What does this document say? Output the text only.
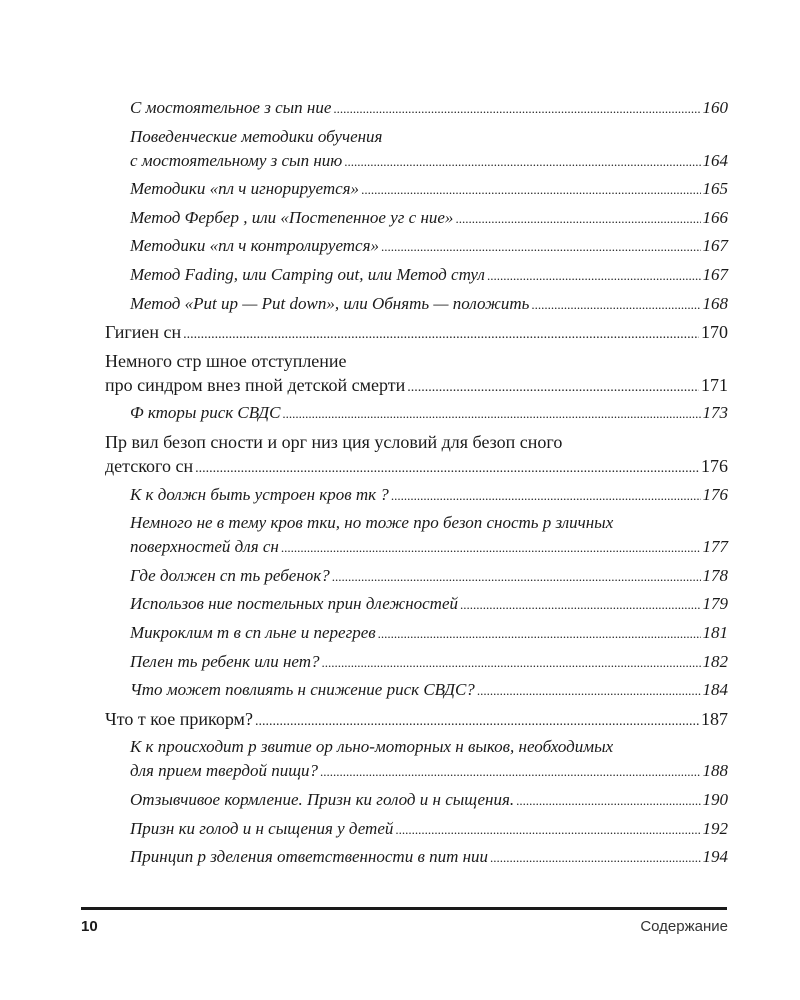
С мостоятельное з сып ние .....	160
Поведенческие методики обучения
с мостоятельному з сып нию .....	164
Методики «пл ч игнорируется» .....	165
Метод Фербер , или «Постепенное уг с ние» .....	166
Методики «пл ч контролируется» .....	167
Метод Fading, или Camping out, или Метод стул .....	167
Метод «Put up — Put down», или Обнять — положить .....	168
Гигиен сн .....	170
Немного стр шное отступление
про синдром внез пной детской смерти .....	171
Ф кторы риск СВДС .....	173
Пр вил безоп сности и орг низ ция условий для безоп сного
детского сн .....	176
К к должн быть устроен кров тк ? .....	176
Немного не в тему кров тки, но тоже про безоп сность р зличных
поверхностей для сн .....	177
Где должен сп ть ребенок? .....	178
Использов ние постельных прин длежностей .....	179
Микроклим т в сп льне и перегрев .....	181
Пелен ть ребенк или нет? .....	182
Что может повлиять н снижение риск СВДС? .....	184
Что т кое прикорм? .....	187
К к происходит р звитие ор льно-моторных н выков, необходимых
для прием твердой пищи? .....	188
Отзывчивое кормление. Призн ки голод и н сыщения. .....	190
Призн ки голод и н сыщения у детей .....	192
Принцип р зделения ответственности в пит нии .....	194
10	Содержание
